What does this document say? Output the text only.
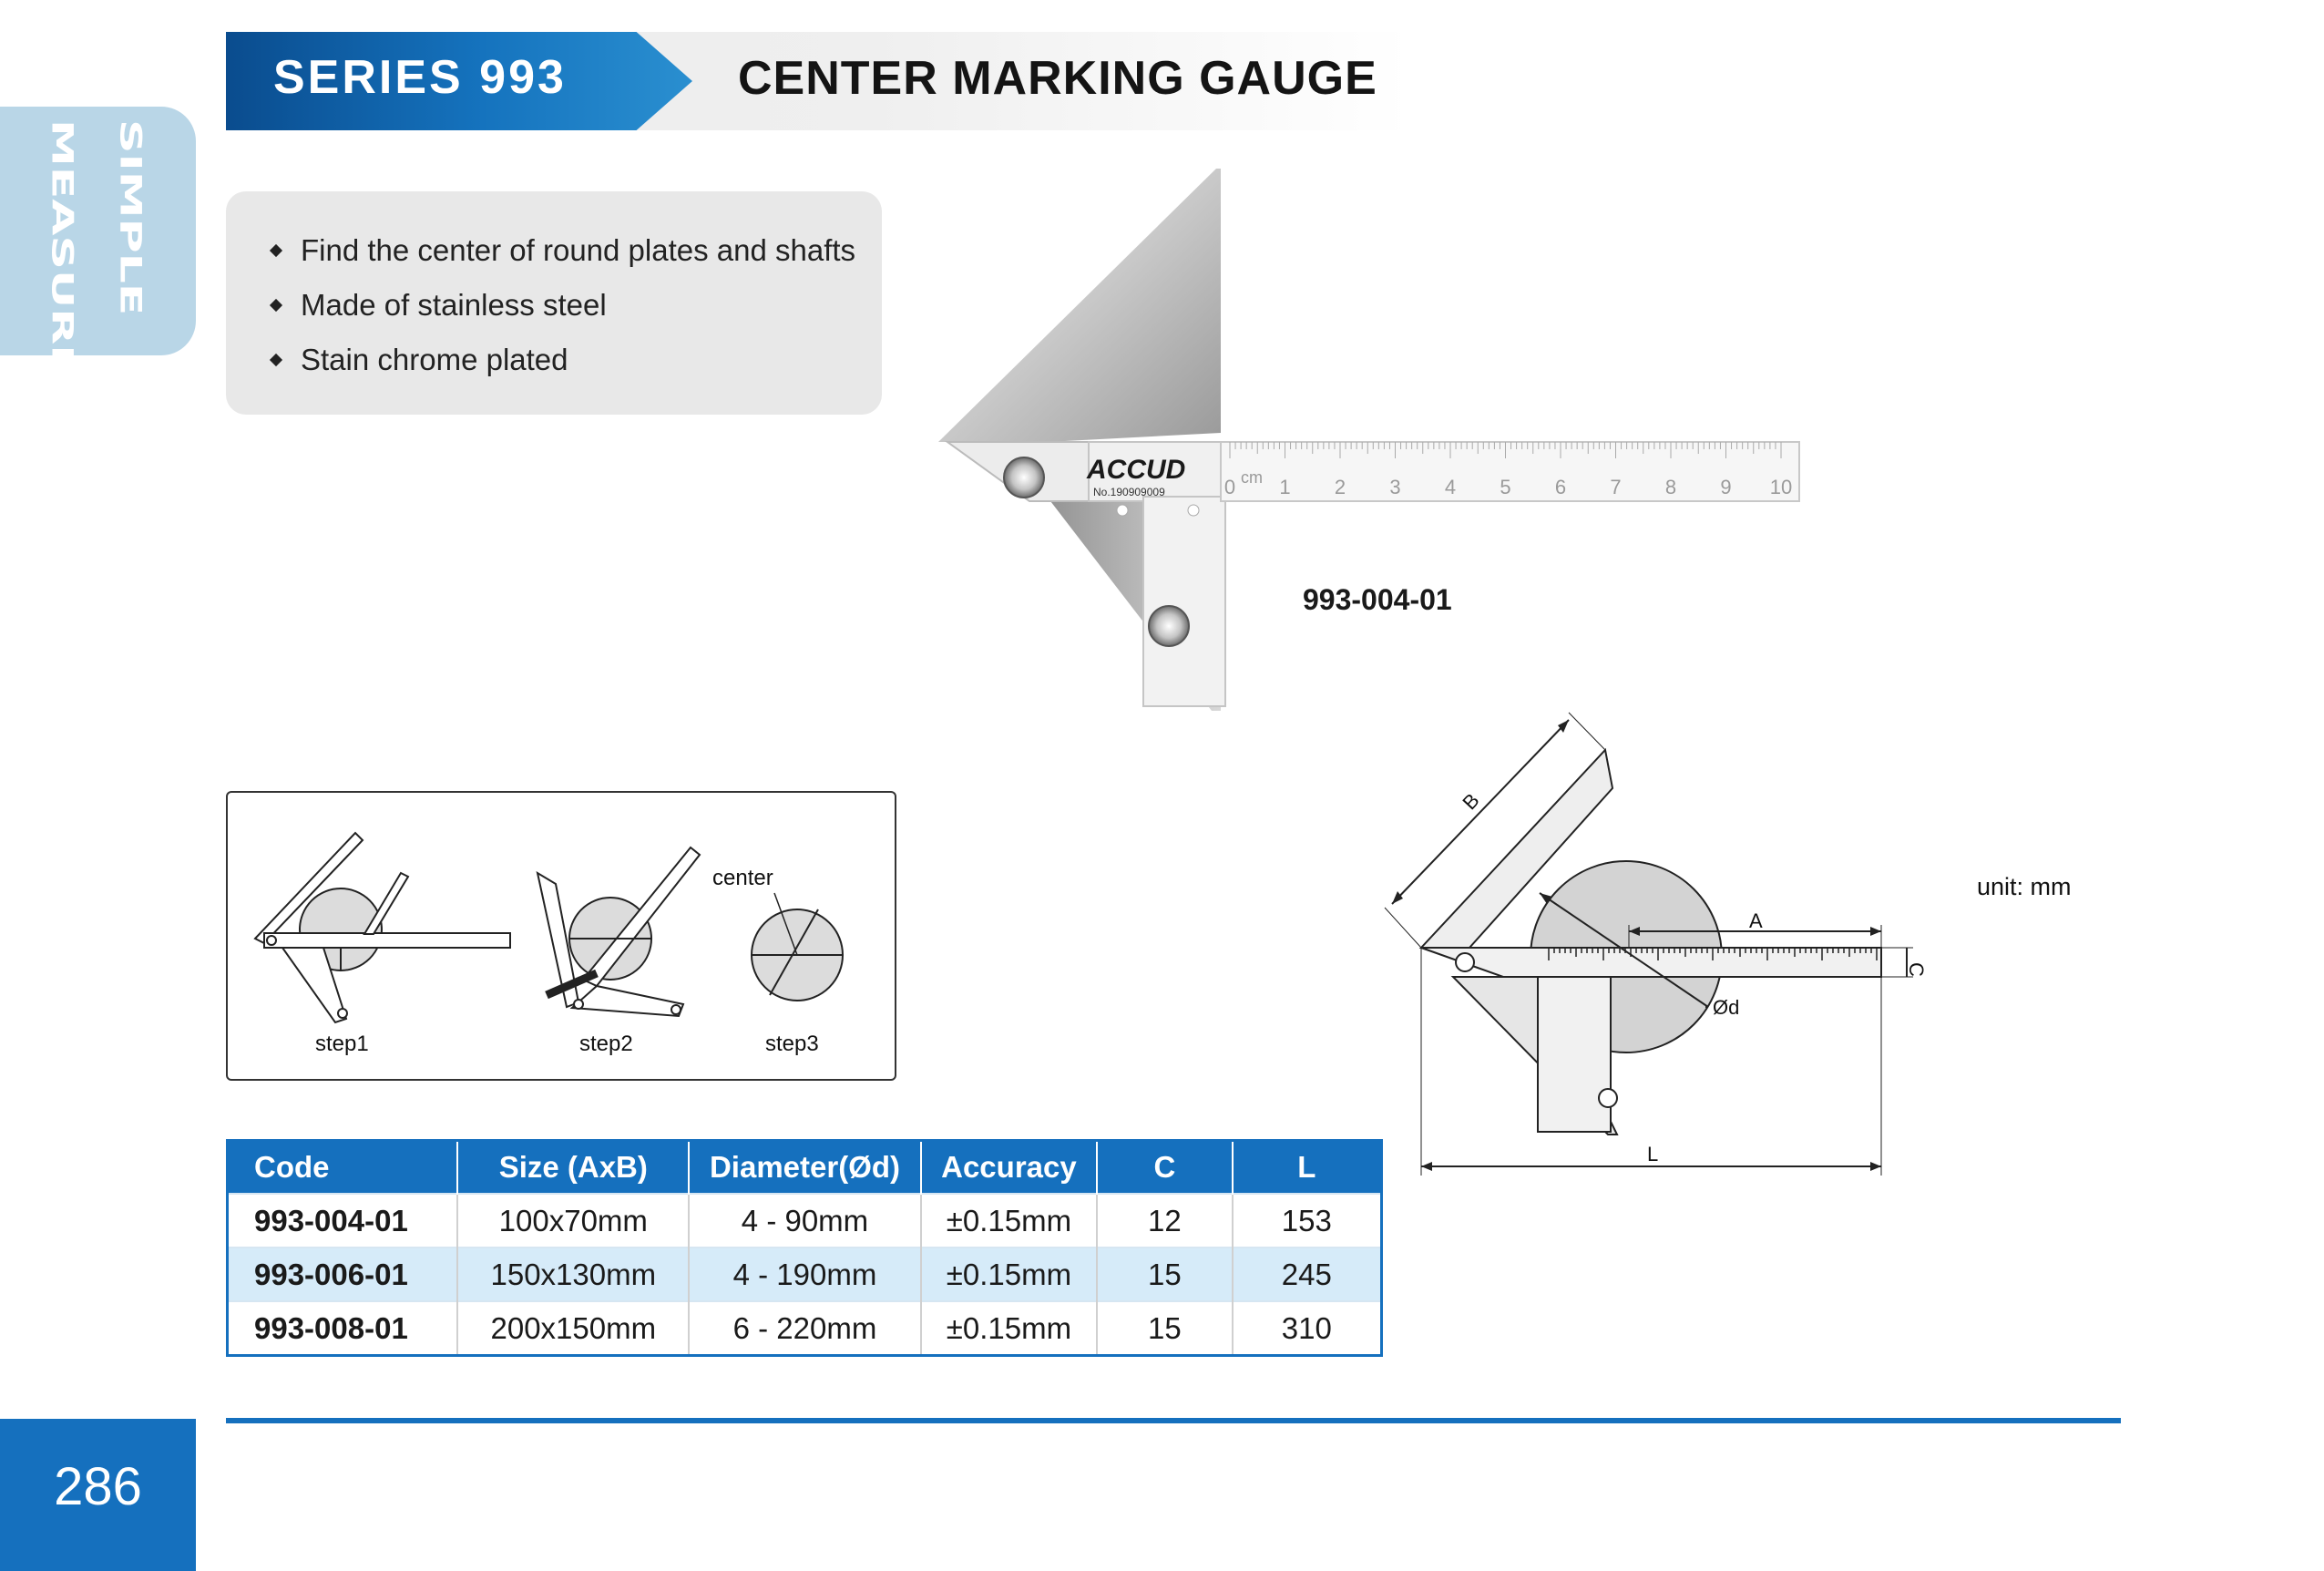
SIMPLE
MEASURING TOOL
SERIES 993	CENTER MARKING GAUGE
Find the center of round plates and shafts
Made of stainless steel
Stain chrome plated
cm
0 1 2 3 4 5 6 7 8 9 10
ACCUD
No.190909009
993-004-01
center
step1	step2	step3
B
A
C
Ød
L
unit: mm
Code	Size (AxB)	Diameter(Ød)	Accuracy	C	L
993-004-01	100x70mm	4 - 90mm	±0.15mm	12	153
993-006-01	150x130mm	4 - 190mm	±0.15mm	15	245
993-008-01	200x150mm	6 - 220mm	±0.15mm	15	310
286
